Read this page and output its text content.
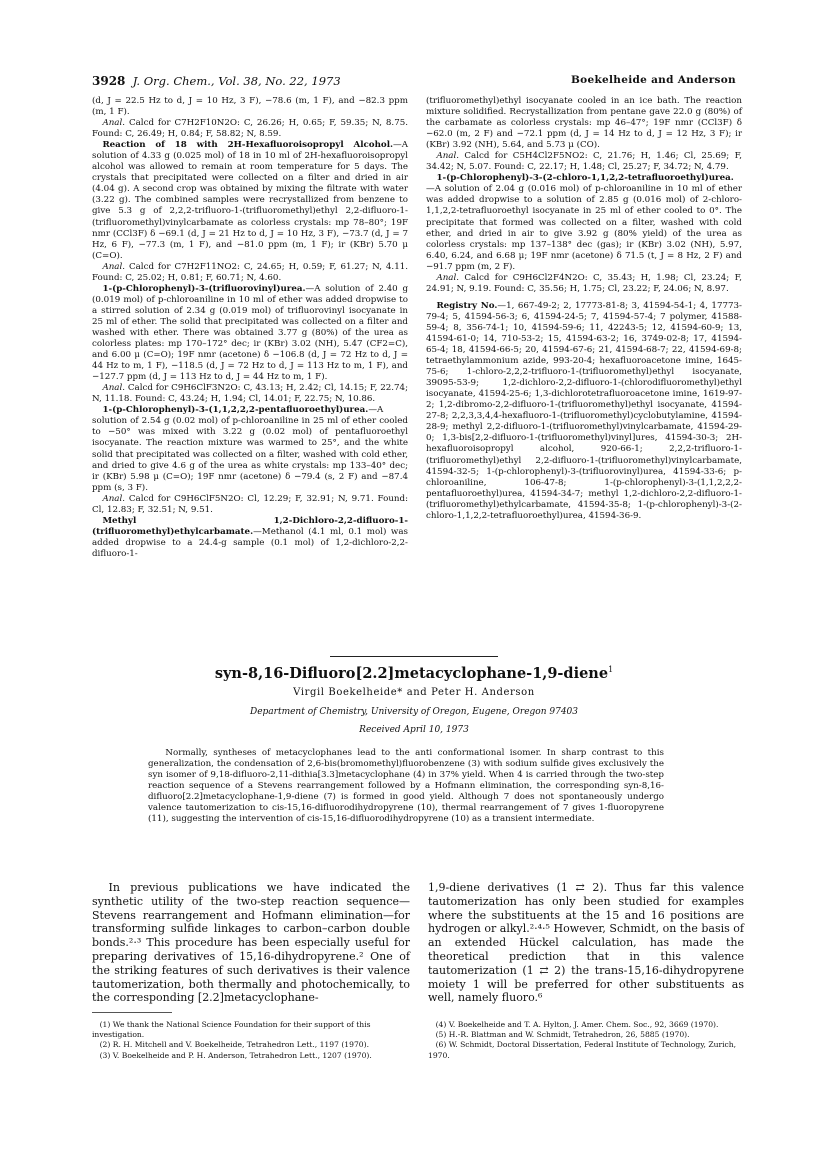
3928 J. Org. Chem., Vol. 38, No. 22, 1973	Boekelheide and Anderson

(d, J = 22.5 Hz to d, J = 10 Hz, 3 F), −78.6 (m, 1 F), and −82.3 ppm (m, 1 F).

Anal. Calcd for C7H2F10N2O: C, 26.26; H, 0.65; F, 59.35; N, 8.75. Found: C, 26.49; H, 0.84; F, 58.82; N, 8.59.

Reaction of 18 with 2H-Hexafluoroisopropyl Alcohol.—A solution of 4.33 g (0.025 mol) of 18 in 10 ml of 2H-hexafluoroisopropyl alcohol was allowed to remain at room temperature for 5 days. The crystals that precipitated were collected on a filter and dried in air (4.04 g). A second crop was obtained by mixing the filtrate with water (3.22 g). The combined samples were recrystallized from benzene to give 5.3 g of 2,2,2-trifluoro-1-(trifluoromethyl)ethyl 2,2-difluoro-1-(trifluoromethyl)vinylcarbamate as colorless crystals: mp 78–80°; 19F nmr (CCl3F) δ −69.1 (d, J = 21 Hz to d, J = 10 Hz, 3 F), −73.7 (d, J = 7 Hz, 6 F), −77.3 (m, 1 F), and −81.0 ppm (m, 1 F); ir (KBr) 5.70 μ (C=O).

Anal. Calcd for C7H2F11NO2: C, 24.65; H, 0.59; F, 61.27; N, 4.11. Found: C, 25.02; H, 0.81; F, 60.71; N, 4.60.

1-(p-Chlorophenyl)-3-(trifluorovinyl)urea.—A solution of 2.40 g (0.019 mol) of p-chloroaniline in 10 ml of ether was added dropwise to a stirred solution of 2.34 g (0.019 mol) of trifluorovinyl isocyanate in 25 ml of ether. The solid that precipitated was collected on a filter and washed with ether. There was obtained 3.77 g (80%) of the urea as colorless plates: mp 170–172° dec; ir (KBr) 3.02 (NH), 5.47 (CF2=C), and 6.00 μ (C=O); 19F nmr (acetone) δ −106.8 (d, J = 72 Hz to d, J = 44 Hz to m, 1 F), −118.5 (d, J = 72 Hz to d, J = 113 Hz to m, 1 F), and −127.7 ppm (d, J = 113 Hz to d, J = 44 Hz to m, 1 F).

Anal. Calcd for C9H6ClF3N2O: C, 43.13; H, 2.42; Cl, 14.15; F, 22.74; N, 11.18. Found: C, 43.24; H, 1.94; Cl, 14.01; F, 22.75; N, 10.86.

1-(p-Chlorophenyl)-3-(1,1,2,2,2-pentafluoroethyl)urea.—A solution of 2.54 g (0.02 mol) of p-chloroaniline in 25 ml of ether cooled to −50° was mixed with 3.22 g (0.02 mol) of pentafluoroethyl isocyanate. The reaction mixture was warmed to 25°, and the white solid that precipitated was collected on a filter, washed with cold ether, and dried to give 4.6 g of the urea as white crystals: mp 133–40° dec; ir (KBr) 5.98 μ (C=O); 19F nmr (acetone) δ −79.4 (s, 2 F) and −87.4 ppm (s, 3 F).

Anal. Calcd for C9H6ClF5N2O: Cl, 12.29; F, 32.91; N, 9.71. Found: Cl, 12.83; F, 32.51; N, 9.51.

Methyl 1,2-Dichloro-2,2-difluoro-1-(trifluoromethyl)ethylcarbamate.—Methanol (4.1 ml, 0.1 mol) was added dropwise to a 24.4-g sample (0.1 mol) of 1,2-dichloro-2,2-difluoro-1-

(trifluoromethyl)ethyl isocyanate cooled in an ice bath. The reaction mixture solidified. Recrystallization from pentane gave 22.0 g (80%) of the carbamate as colorless crystals: mp 46–47°; 19F nmr (CCl3F) δ −62.0 (m, 2 F) and −72.1 ppm (d, J = 14 Hz to d, J = 12 Hz, 3 F); ir (KBr) 3.92 (NH), 5.64, and 5.73 μ (CO).

Anal. Calcd for C5H4Cl2F5NO2: C, 21.76; H, 1.46; Cl, 25.69; F, 34.42; N, 5.07. Found: C, 22.17; H, 1.48; Cl, 25.27; F, 34.72; N, 4.79.

1-(p-Chlorophenyl)-3-(2-chloro-1,1,2,2-tetrafluoroethyl)urea.—A solution of 2.04 g (0.016 mol) of p-chloroaniline in 10 ml of ether was added dropwise to a solution of 2.85 g (0.016 mol) of 2-chloro-1,1,2,2-tetrafluoroethyl isocyanate in 25 ml of ether cooled to 0°. The precipitate that formed was collected on a filter, washed with cold ether, and dried in air to give 3.92 g (80% yield) of the urea as colorless crystals: mp 137–138° dec (gas); ir (KBr) 3.02 (NH), 5.97, 6.40, 6.24, and 6.68 μ; 19F nmr (acetone) δ 71.5 (t, J = 8 Hz, 2 F) and −91.7 ppm (m, 2 F).

Anal. Calcd for C9H6Cl2F4N2O: C, 35.43; H, 1.98; Cl, 23.24; F, 24.91; N, 9.19. Found: C, 35.56; H, 1.75; Cl, 23.22; F, 24.06; N, 8.97.

Registry No.—1, 667-49-2; 2, 17773-81-8; 3, 41594-54-1; 4, 17773-79-4; 5, 41594-56-3; 6, 41594-24-5; 7, 41594-57-4; 7 polymer, 41588-59-4; 8, 356-74-1; 10, 41594-59-6; 11, 42243-5; 12, 41594-60-9; 13, 41594-61-0; 14, 710-53-2; 15, 41594-63-2; 16, 3749-02-8; 17, 41594-65-4; 18, 41594-66-5; 20, 41594-67-6; 21, 41594-68-7; 22, 41594-69-8; tetraethylammonium azide, 993-20-4; hexafluoroacetone imine, 1645-75-6; 1-chloro-2,2,2-trifluoro-1-(trifluoromethyl)ethyl isocyanate, 39095-53-9; 1,2-dichloro-2,2-difluoro-1-(chlorodifluoromethyl)ethyl isocyanate, 41594-25-6; 1,3-dichlorotetrafluoroacetone imine, 1619-97-2; 1,2-dibromo-2,2-difluoro-1-(trifluoromethyl)ethyl isocyanate, 41594-27-8; 2,2,3,3,4,4-hexafluoro-1-(trifluoromethyl)cyclobutylamine, 41594-28-9; methyl 2,2-difluoro-1-(trifluoromethyl)vinylcarbamate, 41594-29-0; 1,3-bis[2,2-difluoro-1-(trifluoromethyl)vinyl]ures, 41594-30-3; 2H-hexafluoroisopropyl alcohol, 920-66-1; 2,2,2-trifluoro-1-(trifluoromethyl)ethyl 2,2-difluoro-1-(trifluoromethyl)vinylcarbamate, 41594-32-5; 1-(p-chlorophenyl)-3-(trifluorovinyl)urea, 41594-33-6; p-chloroaniline, 106-47-8; 1-(p-chlorophenyl)-3-(1,1,2,2,2-pentafluoroethyl)urea, 41594-34-7; methyl 1,2-dichloro-2,2-difluoro-1-(trifluoromethyl)ethylcarbamate, 41594-35-8; 1-(p-chlorophenyl)-3-(2-chloro-1,1,2,2-tetrafluoroethyl)urea, 41594-36-9.

syn-8,16-Difluoro[2.2]metacyclophane-1,9-diene$^1$
Virgil Boekelheide* and Peter H. Anderson
Department of Chemistry, University of Oregon, Eugene, Oregon 97403
Received April 10, 1973
Normally, syntheses of metacyclophanes lead to the anti conformational isomer. In sharp contrast to this generalization, the condensation of 2,6-bis(bromomethyl)fluorobenzene (3) with sodium sulfide gives exclusively the syn isomer of 9,18-difluoro-2,11-dithia[3.3]metacyclophane (4) in 37% yield. When 4 is carried through the two-step reaction sequence of a Stevens rearrangement followed by a Hofmann elimination, the corresponding syn-8,16-difluoro[2.2]metacyclophane-1,9-diene (7) is formed in good yield. Although 7 does not spontaneously undergo valence tautomerization to cis-15,16-difluorodihydropyrene (10), thermal rearrangement of 7 gives 1-fluoropyrene (11), suggesting the intervention of cis-15,16-difluorodihydropyrene (10) as a transient intermediate.
In previous publications we have indicated the synthetic utility of the two-step reaction sequence—Stevens rearrangement and Hofmann elimination—for transforming sulfide linkages to carbon–carbon double bonds.²·³ This procedure has been especially useful for preparing derivatives of 15,16-dihydropyrene.² One of the striking features of such derivatives is their valence tautomerization, both thermally and photochemically, to the corresponding [2.2]metacyclophane-
1,9-diene derivatives (1 ⇄ 2). Thus far this valence tautomerization has only been studied for examples where the substituents at the 15 and 16 positions are hydrogen or alkyl.²·⁴·⁵ However, Schmidt, on the basis of an extended Hückel calculation, has made the theoretical prediction that in this valence tautomerization (1 ⇄ 2) the trans-15,16-dihydropyrene moiety 1 will be preferred for other substituents as well, namely fluoro.⁶

(1) We thank the National Science Foundation for their support of this investigation.

(2) R. H. Mitchell and V. Boekelheide, Tetrahedron Lett., 1197 (1970).

(3) V. Boekelheide and P. H. Anderson, Tetrahedron Lett., 1207 (1970).

(4) V. Boekelheide and T. A. Hylton, J. Amer. Chem. Soc., 92, 3669 (1970).

(5) H.-R. Blattman and W. Schmidt, Tetrahedron, 26, 5885 (1970).

(6) W. Schmidt, Doctoral Dissertation, Federal Institute of Technology, Zurich, 1970.
